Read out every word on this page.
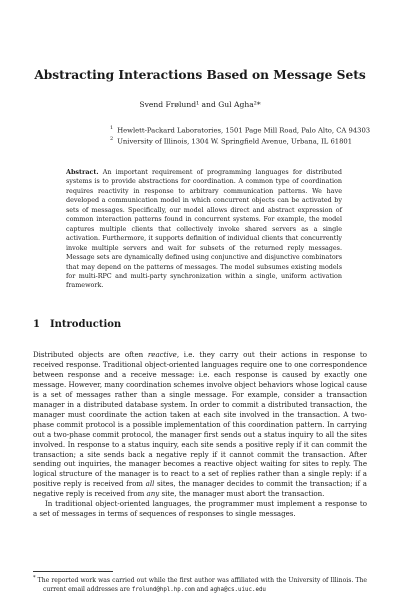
Abstracting Interactions Based on Message Sets
Svend Frølund¹ and Gul Agha²*
$^1$ Hewlett-Packard Laboratories, 1501 Page Mill Road, Palo Alto, CA 94303
$^2$ University of Illinois, 1304 W. Springfield Avenue, Urbana, IL 61801
Abstract. An important requirement of programming languages for distributed systems is to provide abstractions for coordination. A common type of coordination requires reactivity in response to arbitrary communication patterns. We have developed a communication model in which concurrent objects can be activated by sets of messages. Specifically, our model allows direct and abstract expression of common interaction patterns found in concurrent systems. For example, the model captures multiple clients that collectively invoke shared servers as a single activation. Furthermore, it supports definition of individual clients that concurrently invoke multiple servers and wait for subsets of the returned reply messages. Message sets are dynamically defined using conjunctive and disjunctive combinators that may depend on the patterns of messages. The model subsumes existing models for multi-RPC and multi-party synchronization within a single, uniform activation framework.
1 Introduction

Distributed objects are often reactive, i.e. they carry out their actions in response to received response. Traditional object-oriented languages require one to one correspondence between response and a receive message: i.e. each response is caused by exactly one message. However, many coordination schemes involve object behaviors whose logical cause is a set of messages rather than a single message. For example, consider a transaction manager in a distributed database system. In order to commit a distributed transaction, the manager must coordinate the action taken at each site involved in the transaction. A two-phase commit protocol is a possible implementation of this coordination pattern. In carrying out a two-phase commit protocol, the manager first sends out a status inquiry to all the sites involved. In response to a status inquiry, each site sends a positive reply if it can commit the transaction; a site sends back a negative reply if it cannot commit the transaction. After sending out inquiries, the manager becomes a reactive object waiting for sites to reply. The logical structure of the manager is to react to a set of replies rather than a single reply: if a positive reply is received from all sites, the manager decides to commit the transaction; if a negative reply is received from any site, the manager must abort the transaction.

In traditional object-oriented languages, the programmer must implement a response to a set of messages in terms of sequences of responses to single messages.

* The reported work was carried out while the first author was affiliated with the University of Illinois. The current email addresses are frolund@hpl.hp.com and agha@cs.uiuc.edu
